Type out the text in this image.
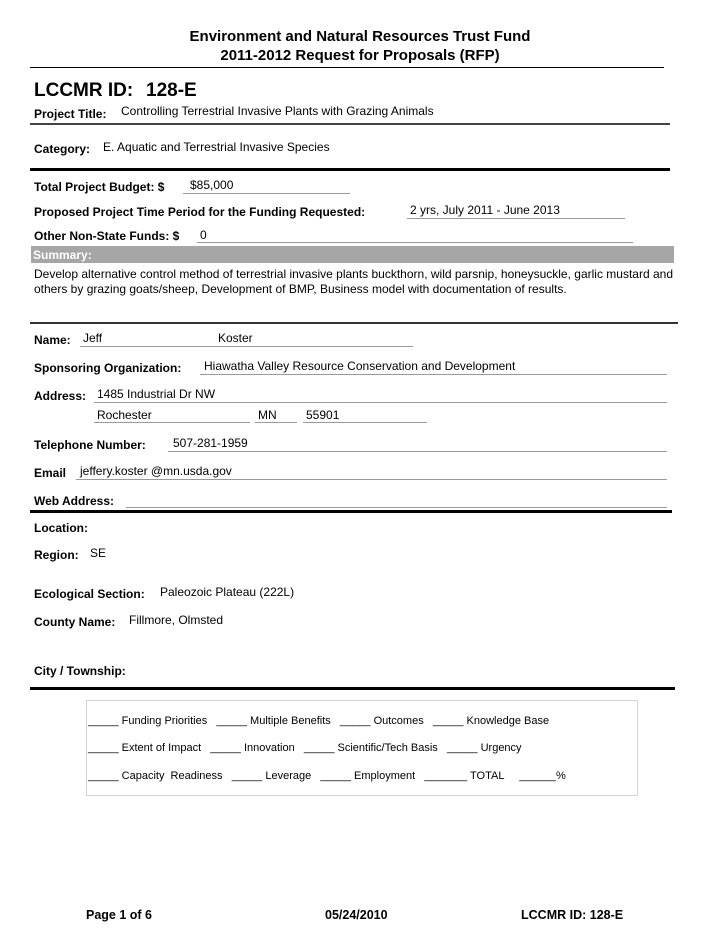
Environment and Natural Resources Trust Fund
2011-2012 Request for Proposals (RFP)
LCCMR ID: 128-E
Project Title: Controlling Terrestrial Invasive Plants with Grazing Animals
Category: E. Aquatic and Terrestrial Invasive Species
Total Project Budget: $ $85,000
Proposed Project Time Period for the Funding Requested:	2 yrs, July 2011 - June 2013
Other Non-State Funds: $ 0
Summary:
Develop alternative control method of terrestrial invasive plants buckthorn, wild parsnip, honeysuckle, garlic mustard and others by grazing goats/sheep, Development of BMP, Business model with documentation of results.
Name: Jeff	Koster
Sponsoring Organization: Hiawatha Valley Resource Conservation and Development
Address: 1485 Industrial Dr NW
Rochester	MN 55901
Telephone Number: 507-281-1959
Email jeffery.koster @mn.usda.gov
Web Address:
Location:
Region: SE
Ecological Section: Paleozoic Plateau (222L)
County Name: Fillmore, Olmsted
City / Township:
_____ Funding Priorities   _____ Multiple Benefits   _____ Outcomes   _____ Knowledge Base
_____ Extent of Impact   _____ Innovation   _____ Scientific/Tech Basis   _____ Urgency
_____ Capacity  Readiness   _____ Leverage   _____ Employment   _______ TOTAL     ______%
Page 1 of 6	05/24/2010	LCCMR ID: 128-E
